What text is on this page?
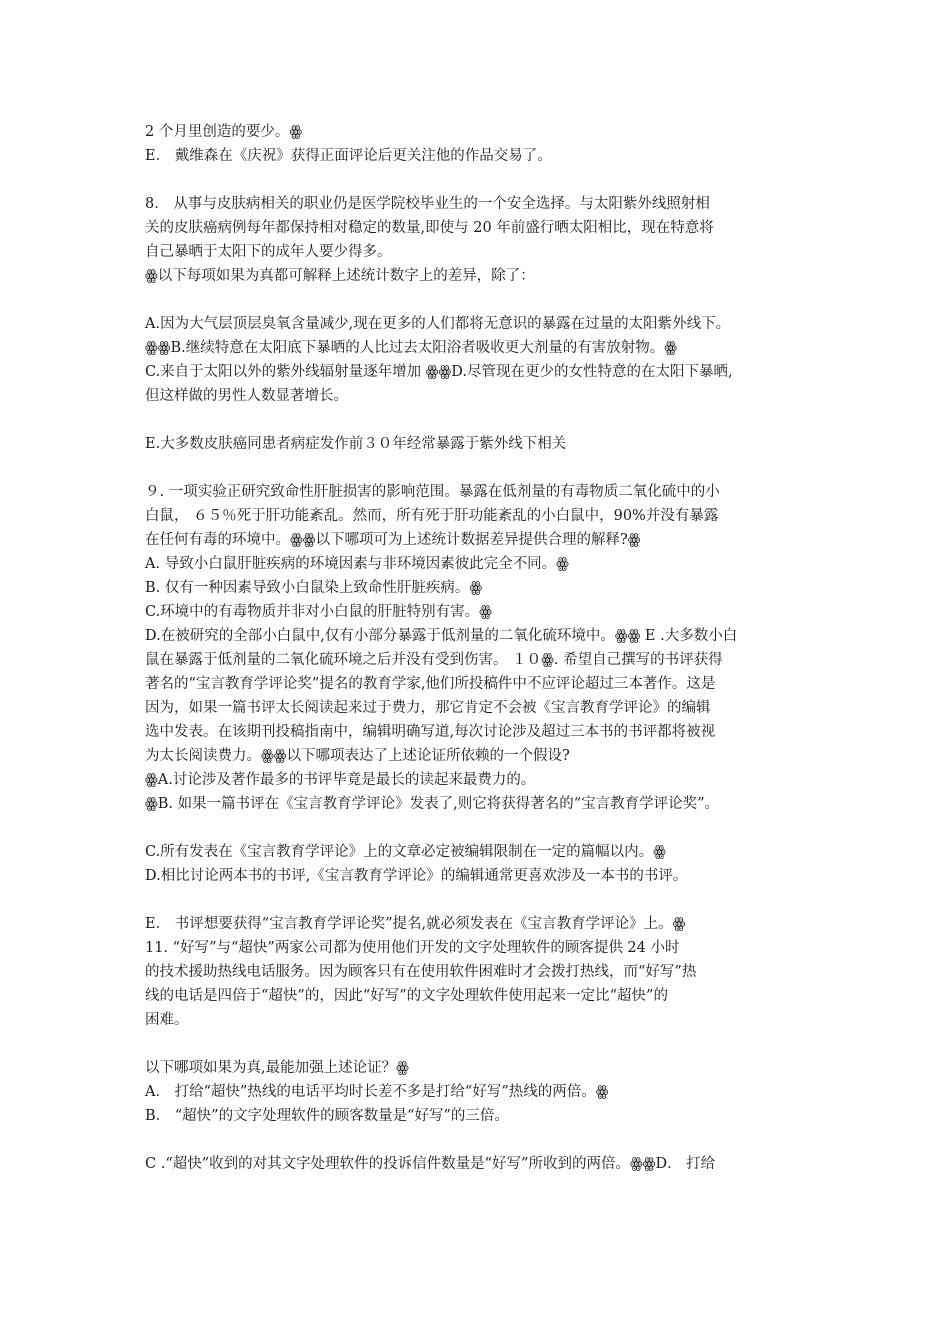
2 个月里创造的要少。ꙮ
E． 戴维森在《庆祝》获得正面评论后更关注他的作品交易了。
8． 从事与皮肤病相关的职业仍是医学院校毕业生的一个安全选择。与太阳紫外线照射相
关的皮肤癌病例每年都保持相对稳定的数量,即使与 20 年前盛行晒太阳相比，现在特意将
自己暴晒于太阳下的成年人要少得多。
ꙮ以下每项如果为真都可解释上述统计数字上的差异，除了：
A.因为大气层顶层臭氧含量减少,现在更多的人们都将无意识的暴露在过量的太阳紫外线下。
ꙮꙮB.继续特意在太阳底下暴晒的人比过去太阳浴者吸收更大剂量的有害放射物。ꙮ
C.来自于太阳以外的紫外线辐射量逐年增加 ꙮꙮD.尽管现在更少的女性特意的在太阳下暴晒,
但这样做的男性人数显著增长。
E.大多数皮肤癌同患者病症发作前３０年经常暴露于紫外线下相关
９. 一项实验正研究致命性肝脏损害的影响范围。暴露在低剂量的有毒物质二氧化硫中的小
白鼠， ６５％死于肝功能紊乱。然而，所有死于肝功能紊乱的小白鼠中，90%并没有暴露
在任何有毒的环境中。ꙮꙮ以下哪项可为上述统计数据差异提供合理的解释?ꙮ
A. 导致小白鼠肝脏疾病的环境因素与非环境因素彼此完全不同。ꙮ
B. 仅有一种因素导致小白鼠染上致命性肝脏疾病。ꙮ
C.环境中的有毒物质并非对小白鼠的肝脏特别有害。ꙮ
D.在被研究的全部小白鼠中,仅有小部分暴露于低剂量的二氧化硫环境中。ꙮꙮ E .大多数小白
鼠在暴露于低剂量的二氧化硫环境之后并没有受到伤害。 １０ꙮ. 希望自己撰写的书评获得
著名的“宝言教育学评论奖”提名的教育学家,他们所投稿件中不应评论超过三本著作。这是
因为，如果一篇书评太长阅读起来过于费力，那它肯定不会被《宝言教育学评论》的编辑
选中发表。在该期刊投稿指南中，编辑明确写道,每次讨论涉及超过三本书的书评都将被视
为太长阅读费力。ꙮꙮ以下哪项表达了上述论证所依赖的一个假设?
ꙮA.讨论涉及著作最多的书评毕竟是最长的读起来最费力的。
ꙮB. 如果一篇书评在《宝言教育学评论》发表了,则它将获得著名的“宝言教育学评论奖”。
C.所有发表在《宝言教育学评论》上的文章必定被编辑限制在一定的篇幅以内。ꙮ
D.相比讨论两本书的书评,《宝言教育学评论》的编辑通常更喜欢涉及一本书的书评。
E． 书评想要获得“宝言教育学评论奖”提名,就必须发表在《宝言教育学评论》上。ꙮ
11. “好写”与“超快”两家公司都为使用他们开发的文字处理软件的顾客提供 24 小时
的技术援助热线电话服务。因为顾客只有在使用软件困难时才会拨打热线，而“好写”热
线的电话是四倍于“超快”的，因此“好写”的文字处理软件使用起来一定比“超快”的
困难。
以下哪项如果为真,最能加强上述论证？ꙮ
A． 打给“超快”热线的电话平均时长差不多是打给“好写”热线的两倍。ꙮ
B． “超快”的文字处理软件的顾客数量是“好写”的三倍。
C .“超快”收到的对其文字处理软件的投诉信件数量是“好写”所收到的两倍。ꙮꙮD． 打给
